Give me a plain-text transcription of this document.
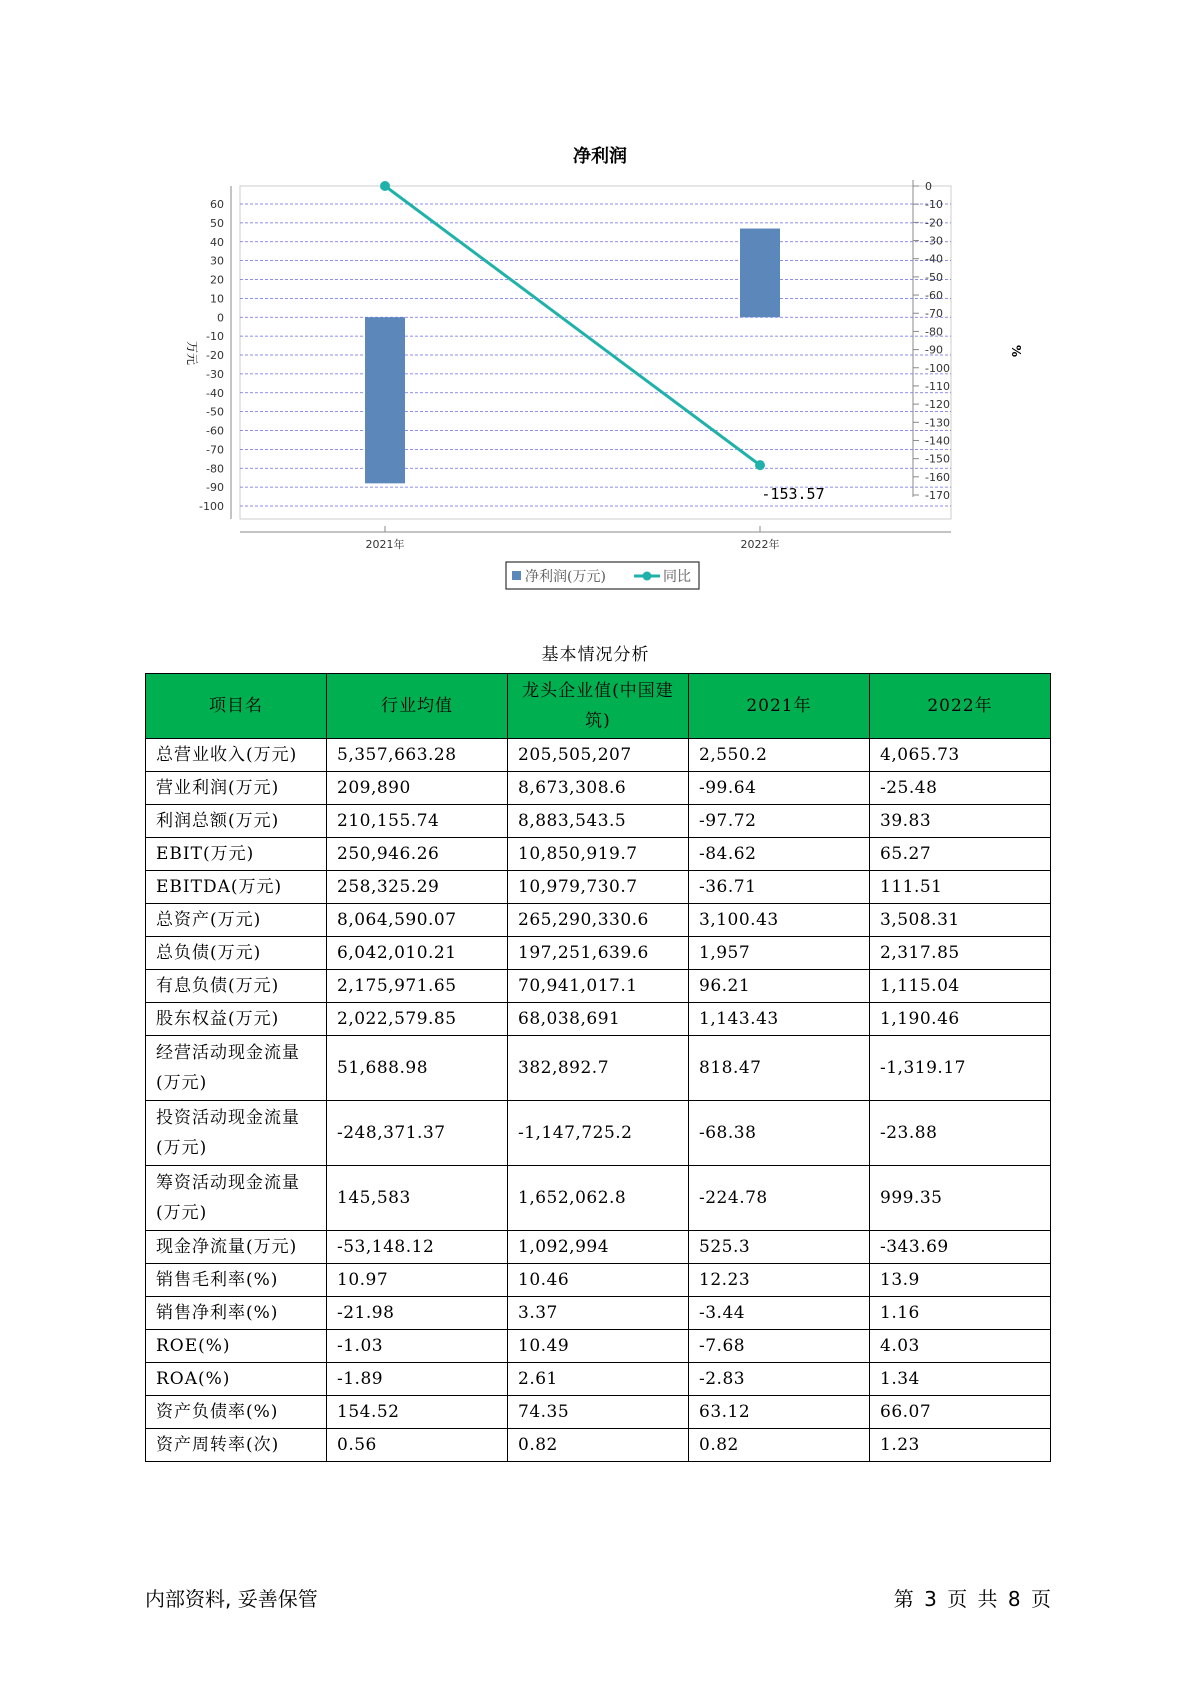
净利润
60
50
40
30
20
10
0
-10
-20
-30
-40
-50
-60
-70
-80
-90
-100
0
-10
-20
-30
-40
-50
-60
-70
-80
-90
-100
-110
-120
-130
-140
-150
-160
-170
2021年	2022年
万元	%
-153.57
净利润(万元)	同比
基本情况分析
项目名	行业均值	龙头企业值(中国建筑)	2021年	2022年
总营业收入(万元)	5,357,663.28	205,505,207	2,550.2	4,065.73
营业利润(万元)	209,890	8,673,308.6	-99.64	-25.48
利润总额(万元)	210,155.74	8,883,543.5	-97.72	39.83
EBIT(万元)	250,946.26	10,850,919.7	-84.62	65.27
EBITDA(万元)	258,325.29	10,979,730.7	-36.71	111.51
总资产(万元)	8,064,590.07	265,290,330.6	3,100.43	3,508.31
总负债(万元)	6,042,010.21	197,251,639.6	1,957	2,317.85
有息负债(万元)	2,175,971.65	70,941,017.1	96.21	1,115.04
股东权益(万元)	2,022,579.85	68,038,691	1,143.43	1,190.46
经营活动现金流量(万元)	51,688.98	382,892.7	818.47	-1,319.17
投资活动现金流量(万元)	-248,371.37	-1,147,725.2	-68.38	-23.88
筹资活动现金流量(万元)	145,583	1,652,062.8	-224.78	999.35
现金净流量(万元)	-53,148.12	1,092,994	525.3	-343.69
销售毛利率(%)	10.97	10.46	12.23	13.9
销售净利率(%)	-21.98	3.37	-3.44	1.16
ROE(%)	-1.03	10.49	-7.68	4.03
ROA(%)	-1.89	2.61	-2.83	1.34
资产负债率(%)	154.52	74.35	63.12	66.07
资产周转率(次)	0.56	0.82	0.82	1.23
内部资料, 妥善保管	第 3 页 共 8 页
